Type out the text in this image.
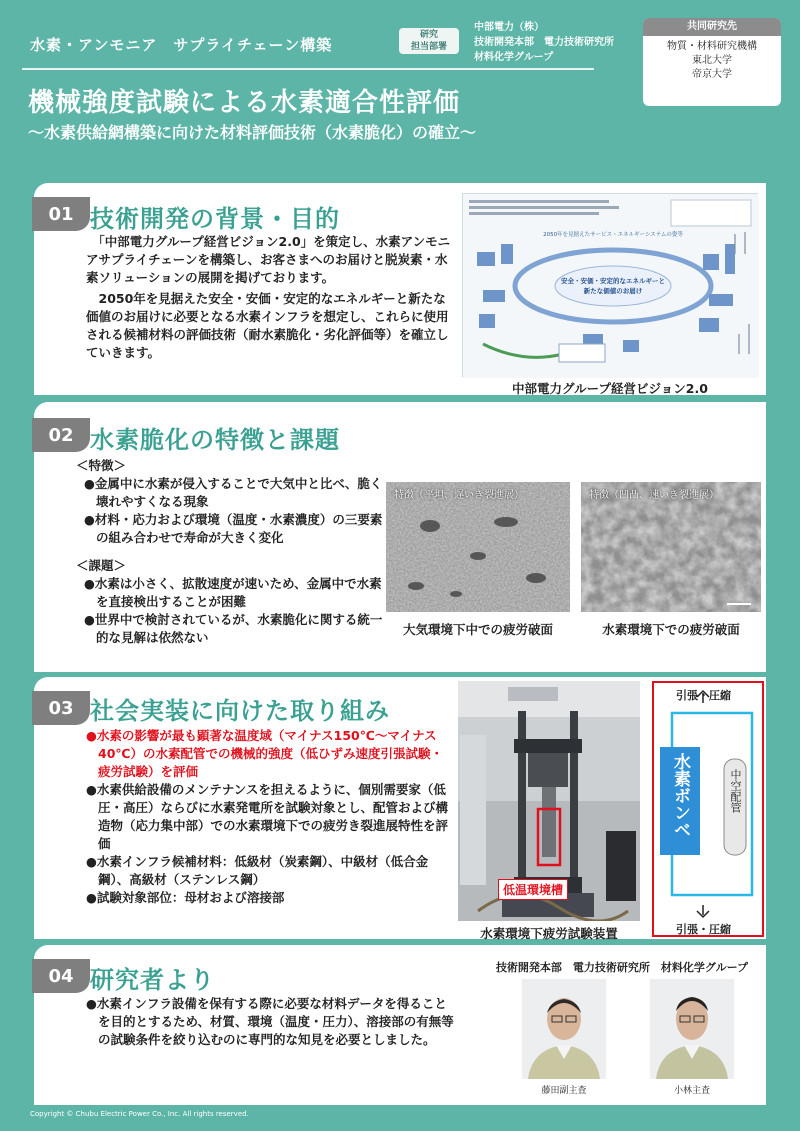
水素・アンモニア　サプライチェーン構築
研究
担当部署
中部電力（株）
技術開発本部　電力技術研究所
材料化学グループ
共同研究先
物質・材料研究機構
東北大学
帝京大学
機械強度試験による水素適合性評価
～水素供給網構築に向けた材料評価技術（水素脆化）の確立～
01 技術開発の背景・目的

　「中部電力グループ経営ビジョン2.0」を策定し、水素アンモニアサプライチェーンを構築し、お客さまへのお届けと脱炭素・水素ソリューションの展開を掲げております。

　2050年を見据えた安全・安価・安定的なエネルギーと新たな価値のお届けに必要となる水素インフラを想定し、これらに使用される候補材料の評価技術（耐水素脆化・劣化評価等）を確立していきます。

2050年を見据えたサービス・エネルギーシステムの姿等
安全・安価・安定的なエネルギーと
新たな価値のお届け
中部電力グループ経営ビジョン2.0
02 水素脆化の特徴と課題

＜特徴＞

●金属中に水素が侵入することで大気中と比べ、脆く壊れやすくなる現象

●材料・応力および環境（温度・水素濃度）の三要素の組み合わせで寿命が大きく変化

＜課題＞

●水素は小さく、拡散速度が速いため、金属中で水素を直接検出することが困難

●世界中で検討されているが、水素脆化に関する統一的な見解は依然ない

特徴（平坦、遅いき裂進展）	特徴（凹凸、速いき裂進展）
大気環境下中での疲労破面	水素環境下での疲労破面
03 社会実装に向けた取り組み

●水素の影響が最も顕著な温度域（マイナス150℃～マイナス40℃）の水素配管での機械的強度（低ひずみ速度引張試験・疲労試験）を評価

●水素供給設備のメンテナンスを担えるように、個別需要家（低圧・高圧）ならびに水素発電所を試験対象とし、配管および構造物（応力集中部）での水素環境下での疲労き裂進展特性を評価

●水素インフラ候補材料：低級材（炭素鋼）、中級材（低合金鋼）、高級材（ステンレス鋼）

●試験対象部位：母材および溶接部	低温環境槽
水素環境下疲労試験装置
引張・圧縮
引張・圧縮
水素ボンベ	中空配管
04 研究者より

●水素インフラ設備を保有する際に必要な材料データを得ることを目的とするため、材質、環境（温度・圧力）、溶接部の有無等の試験条件を絞り込むのに専門的な知見を必要としました。

技術開発本部　電力技術研究所　材料化学グループ
藤田副主査	小林主査
Copyright © Chubu Electric Power Co., Inc. All rights reserved.
